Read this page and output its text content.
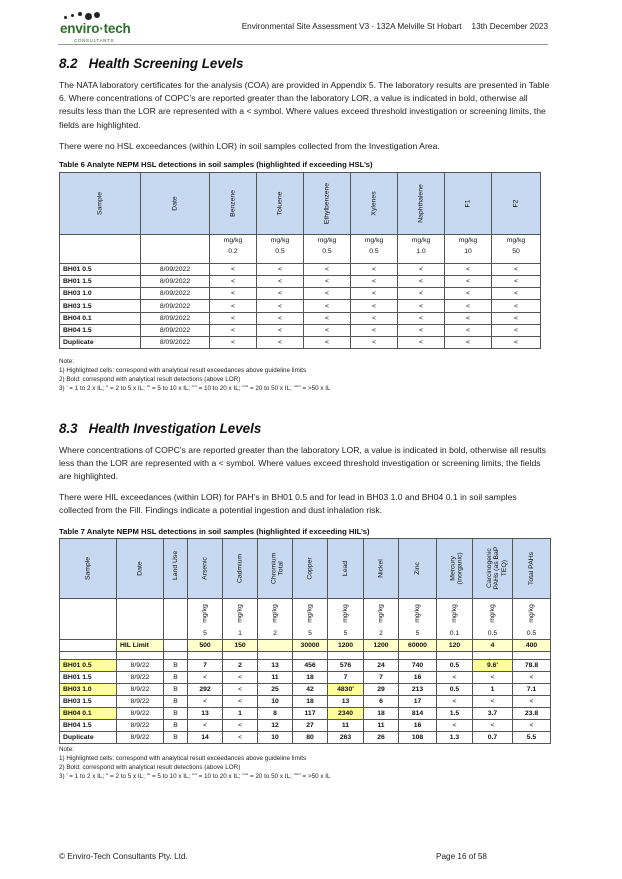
enviro·tech
CONSULTANTS
Environmental Site Assessment V3 - 132A Melville St Hobart 13th December 2023
8.2 Health Screening Levels

The NATA laboratory certificates for the analysis (COA) are provided in Appendix 5. The laboratory results are presented in Table 6. Where concentrations of COPC’s are reported greater than the laboratory LOR, a value is indicated in bold, otherwise all results less than the LOR are represented with a < symbol. Where values exceed threshold investigation or screening limits, the fields are highlighted.

There were no HSL exceedances (within LOR) in soil samples collected from the Investigation Area.

Table 6 Analyte NEPM HSL detections in soil samples (highlighted if exceeding HSL’s)
Sample	Date	Benzene	Toluene	Ethylbenzene	Xylenes	Naphthalene	F1	F2

		mg/kg	mg/kg	mg/kg	mg/kg	mg/kg	mg/kg	mg/kg
		0.2	0.5	0.5	0.5	1.0	10	50

BH01 0.5	8/09/2022	<	<	<	<	<	<	<
BH01 1.5	8/09/2022	<	<	<	<	<	<	<
BH03 1.0	8/09/2022	<	<	<	<	<	<	<
BH03 1.5	8/09/2022	<	<	<	<	<	<	<
BH04 0.1	8/09/2022	<	<	<	<	<	<	<
BH04 1.5	8/09/2022	<	<	<	<	<	<	<
Duplicate	8/09/2022	<	<	<	<	<	<	<
Note:
1) Highlighted cells: correspond with analytical result exceedances above guideline limits
2) Bold: correspond with analytical result detections (above LOR)
3) ' = 1 to 2 x IL; '' = 2 to 5 x IL; ''' = 5 to 10 x IL; '''' = 10 to 20 x IL; ''''' = 20 to 50 x IL; '''''' = >50 x IL
8.3 Health Investigation Levels

Where concentrations of COPC’s are reported greater than the laboratory LOR, a value is indicated in bold, otherwise all results less than the LOR are represented with a < symbol. Where values exceed threshold investigation or screening limits, the fields are highlighted.

There were HIL exceedances (within LOR) for PAH’s in BH01 0.5 and for lead in BH03 1.0 and BH04 0.1 in soil samples collected from the Fill. Findings indicate a potential ingestion and dust inhalation risk.

Table 7 Analyte NEPM HSL detections in soil samples (highlighted if exceeding HIL’s)
Sample	Date	Land Use	Arsenic	Cadmium	Chromium Total	Copper	Lead	Nickel	Zinc	Mercury (inorganic)	Carcinogenic PAHs (as BaP TEQ)	Total PAHs

			mg/kg	mg/kg	mg/kg	mg/kg	mg/kg	mg/kg	mg/kg	mg/kg	mg/kg	mg/kg

			5	1	2	5	5	2	5	0.1	0.5	0.5
	HIL Limit		500	150		30000	1200	1200	60000	120	4	400

BH01 0.5	8/9/22	B	7	2	13	456	576	24	740	0.5	9.6'	78.8
BH01 1.5	8/9/22	B	<	<	11	18	7	7	16	<	<	<
BH03 1.0	8/9/22	B	292	<	25	42	4830'	29	213	0.5	1	7.1
BH03 1.5	8/9/22	B	<	<	10	18	13	6	17	<	<	<
BH04 0.1	8/9/22	B	13	1	8	117	2340	18	814	1.5	3.7	23.8
BH04 1.5	8/9/22	B	<	<	12	27	11	11	16	<	<	<
Duplicate	8/9/22	B	14	<	10	80	263	26	108	1.3	0.7	5.5
Note:
1) Highlighted cells: correspond with analytical result exceedances above guideline limits
2) Bold: correspond with analytical result detections (above LOR)
3) ' = 1 to 2 x IL; '' = 2 to 5 x IL; ''' = 5 to 10 x IL; '''' = 10 to 20 x IL; ''''' = 20 to 50 x IL; '''''' = >50 x IL
© Enviro-Tech Consultants Pty. Ltd.	Page 16 of 58
